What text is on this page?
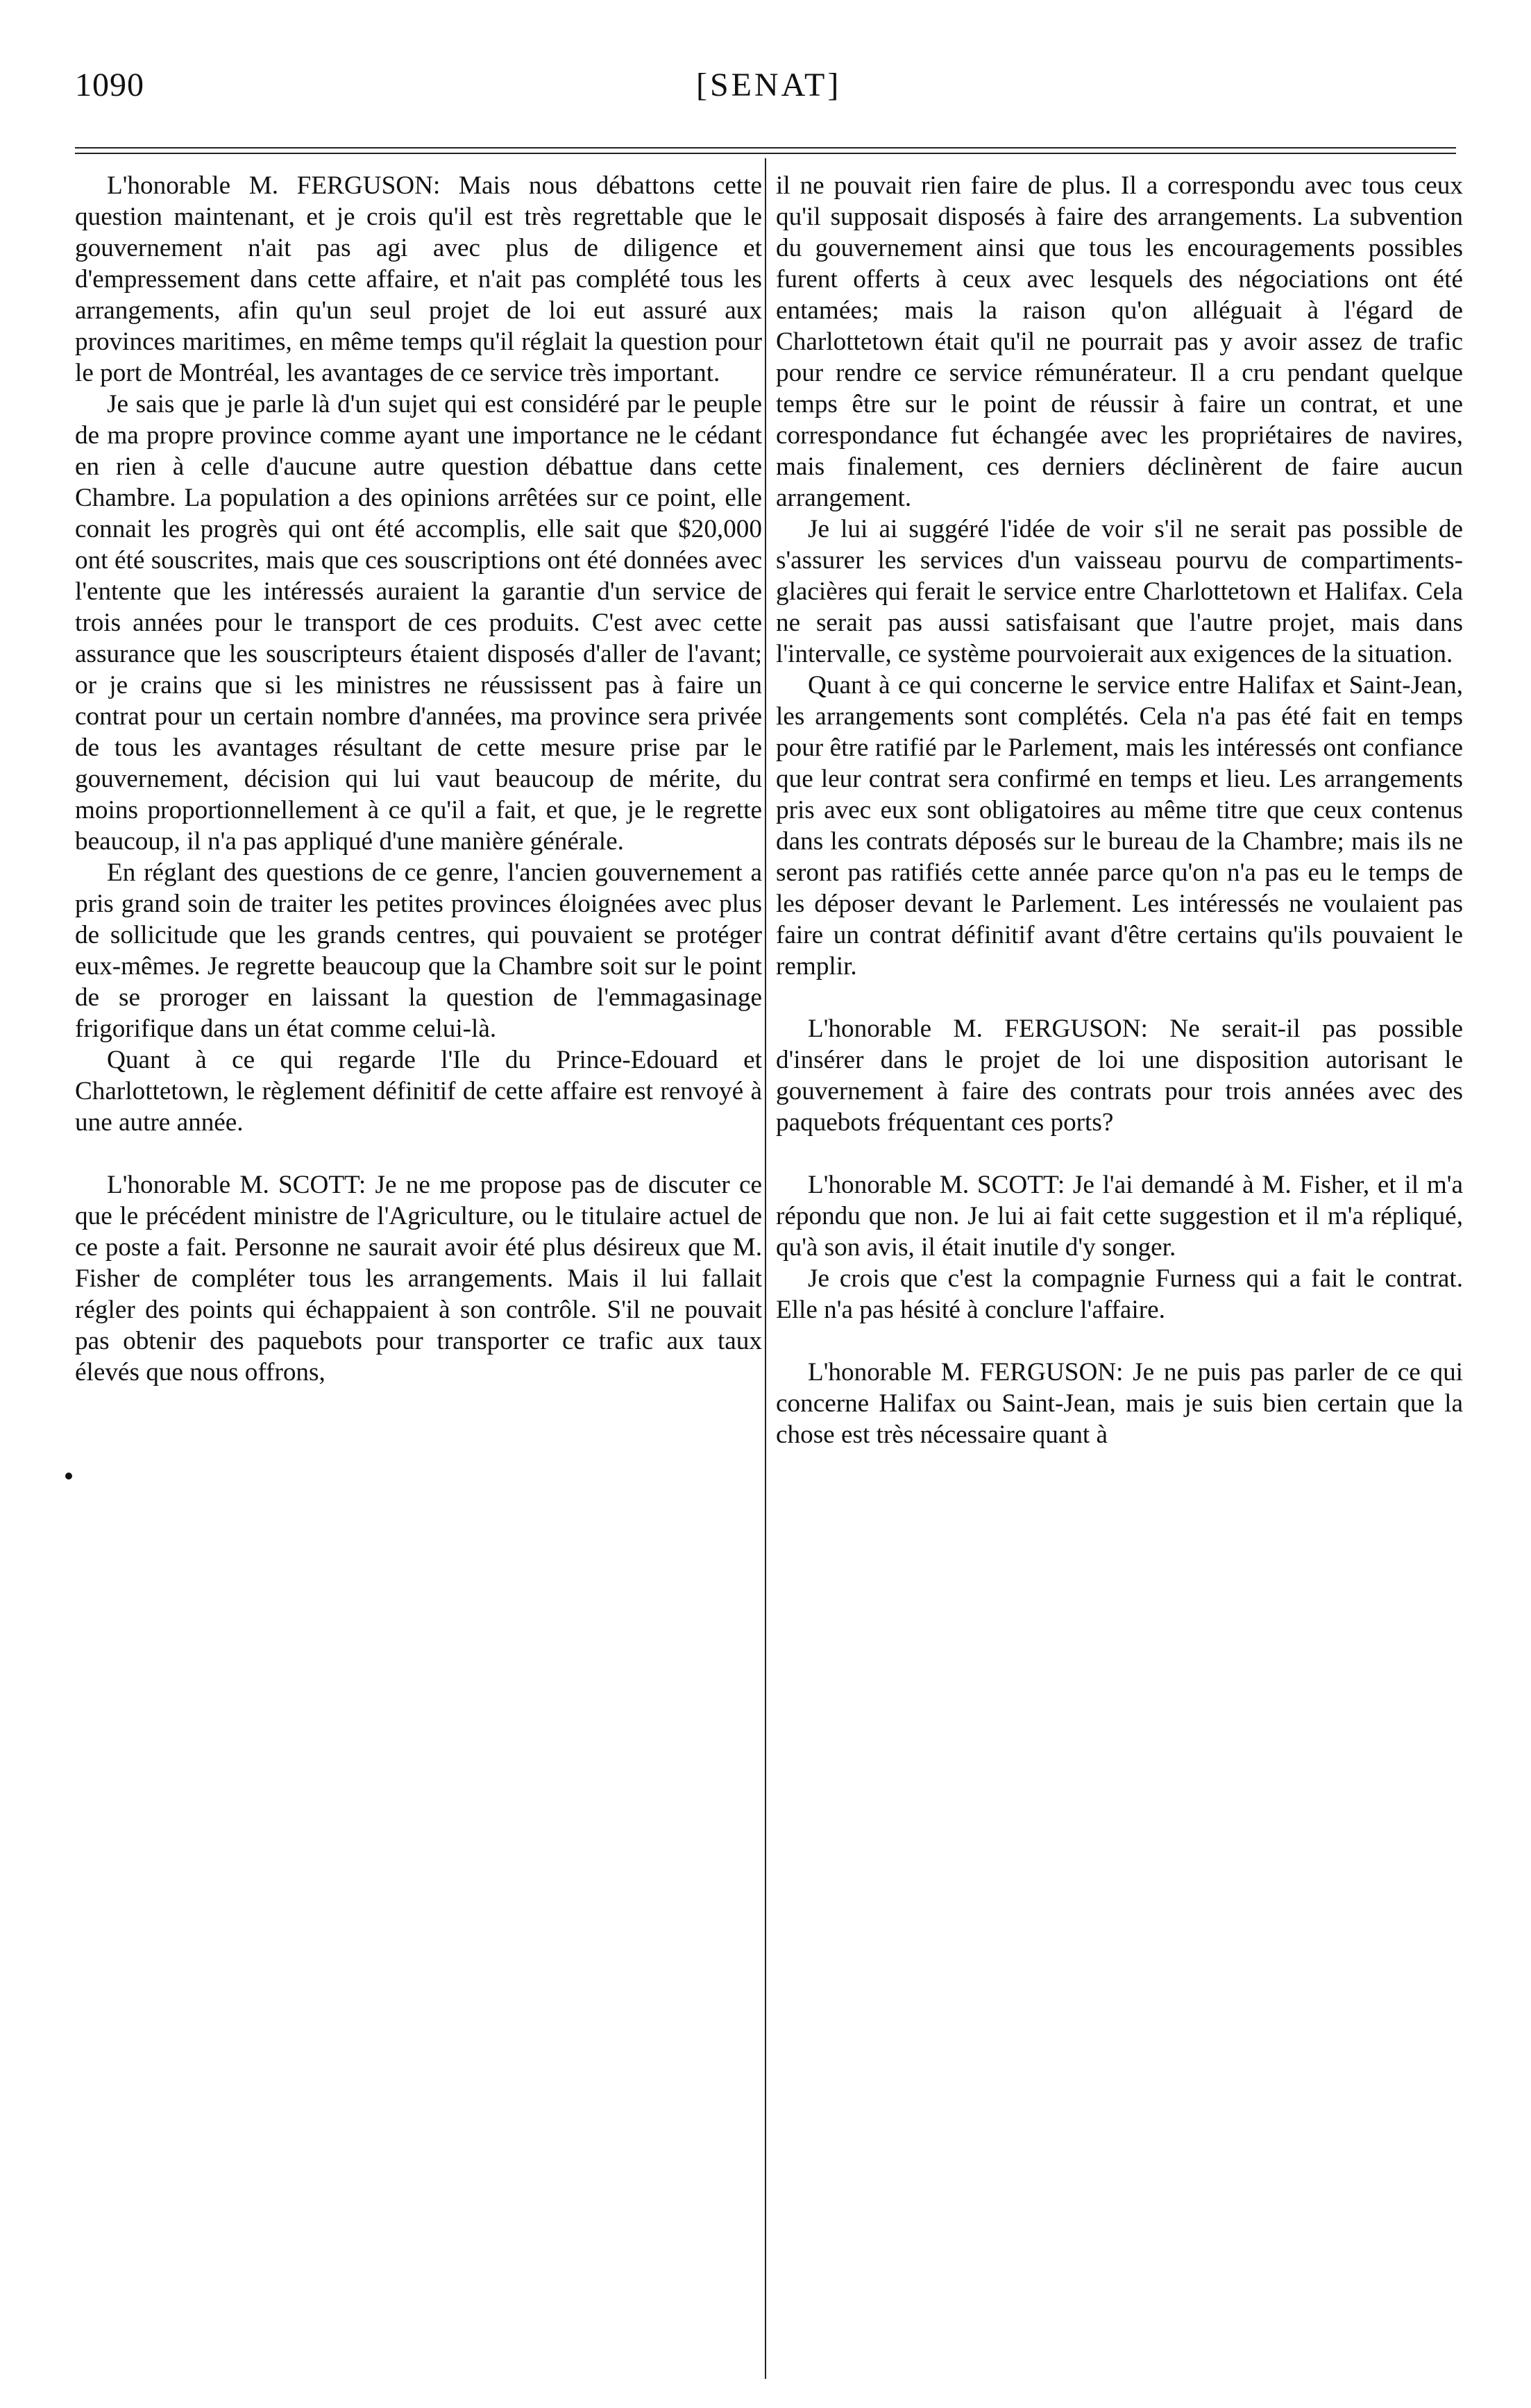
1090	[SENAT]

L'honorable M. FERGUSON: Mais nous débattons cette question maintenant, et je crois qu'il est très regrettable que le gouvernement n'ait pas agi avec plus de diligence et d'empressement dans cette affaire, et n'ait pas complété tous les arrangements, afin qu'un seul projet de loi eut assuré aux provinces maritimes, en même temps qu'il réglait la question pour le port de Montréal, les avantages de ce service très important.

Je sais que je parle là d'un sujet qui est considéré par le peuple de ma propre province comme ayant une importance ne le cédant en rien à celle d'aucune autre question débattue dans cette Chambre. La population a des opinions arrêtées sur ce point, elle connait les progrès qui ont été accomplis, elle sait que $20,000 ont été souscrites, mais que ces souscriptions ont été données avec l'entente que les intéressés auraient la garantie d'un service de trois années pour le transport de ces produits. C'est avec cette assurance que les souscripteurs étaient disposés d'aller de l'avant; or je crains que si les ministres ne réussissent pas à faire un contrat pour un certain nombre d'années, ma province sera privée de tous les avantages résultant de cette mesure prise par le gouvernement, décision qui lui vaut beaucoup de mérite, du moins proportionnellement à ce qu'il a fait, et que, je le regrette beaucoup, il n'a pas appliqué d'une manière générale.

En réglant des questions de ce genre, l'ancien gouvernement a pris grand soin de traiter les petites provinces éloignées avec plus de sollicitude que les grands centres, qui pouvaient se protéger eux-mêmes. Je regrette beaucoup que la Chambre soit sur le point de se proroger en laissant la question de l'emmagasinage frigorifique dans un état comme celui-là.

Quant à ce qui regarde l'Ile du Prince-Edouard et Charlottetown, le règlement définitif de cette affaire est renvoyé à une autre année.

L'honorable M. SCOTT: Je ne me propose pas de discuter ce que le précédent ministre de l'Agriculture, ou le titulaire actuel de ce poste a fait. Personne ne saurait avoir été plus désireux que M. Fisher de compléter tous les arrangements. Mais il lui fallait régler des points qui échappaient à son contrôle. S'il ne pouvait pas obtenir des paquebots pour transporter ce trafic aux taux élevés que nous offrons,

il ne pouvait rien faire de plus. Il a correspondu avec tous ceux qu'il supposait disposés à faire des arrangements. La subvention du gouvernement ainsi que tous les encouragements possibles furent offerts à ceux avec lesquels des négociations ont été entamées; mais la raison qu'on alléguait à l'égard de Charlottetown était qu'il ne pourrait pas y avoir assez de trafic pour rendre ce service rémunérateur. Il a cru pendant quelque temps être sur le point de réussir à faire un contrat, et une correspondance fut échangée avec les propriétaires de navires, mais finalement, ces derniers déclinèrent de faire aucun arrangement.

Je lui ai suggéré l'idée de voir s'il ne serait pas possible de s'assurer les services d'un vaisseau pourvu de compartiments-glacières qui ferait le service entre Charlottetown et Halifax. Cela ne serait pas aussi satisfaisant que l'autre projet, mais dans l'intervalle, ce système pourvoierait aux exigences de la situation.

Quant à ce qui concerne le service entre Halifax et Saint-Jean, les arrangements sont complétés. Cela n'a pas été fait en temps pour être ratifié par le Parlement, mais les intéressés ont confiance que leur contrat sera confirmé en temps et lieu. Les arrangements pris avec eux sont obligatoires au même titre que ceux contenus dans les contrats déposés sur le bureau de la Chambre; mais ils ne seront pas ratifiés cette année parce qu'on n'a pas eu le temps de les déposer devant le Parlement. Les intéressés ne voulaient pas faire un contrat définitif avant d'être certains qu'ils pouvaient le remplir.

L'honorable M. FERGUSON: Ne serait-il pas possible d'insérer dans le projet de loi une disposition autorisant le gouvernement à faire des contrats pour trois années avec des paquebots fréquentant ces ports?

L'honorable M. SCOTT: Je l'ai demandé à M. Fisher, et il m'a répondu que non. Je lui ai fait cette suggestion et il m'a répliqué, qu'à son avis, il était inutile d'y songer.

Je crois que c'est la compagnie Furness qui a fait le contrat. Elle n'a pas hésité à conclure l'affaire.

L'honorable M. FERGUSON: Je ne puis pas parler de ce qui concerne Halifax ou Saint-Jean, mais je suis bien certain que la chose est très nécessaire quant à
